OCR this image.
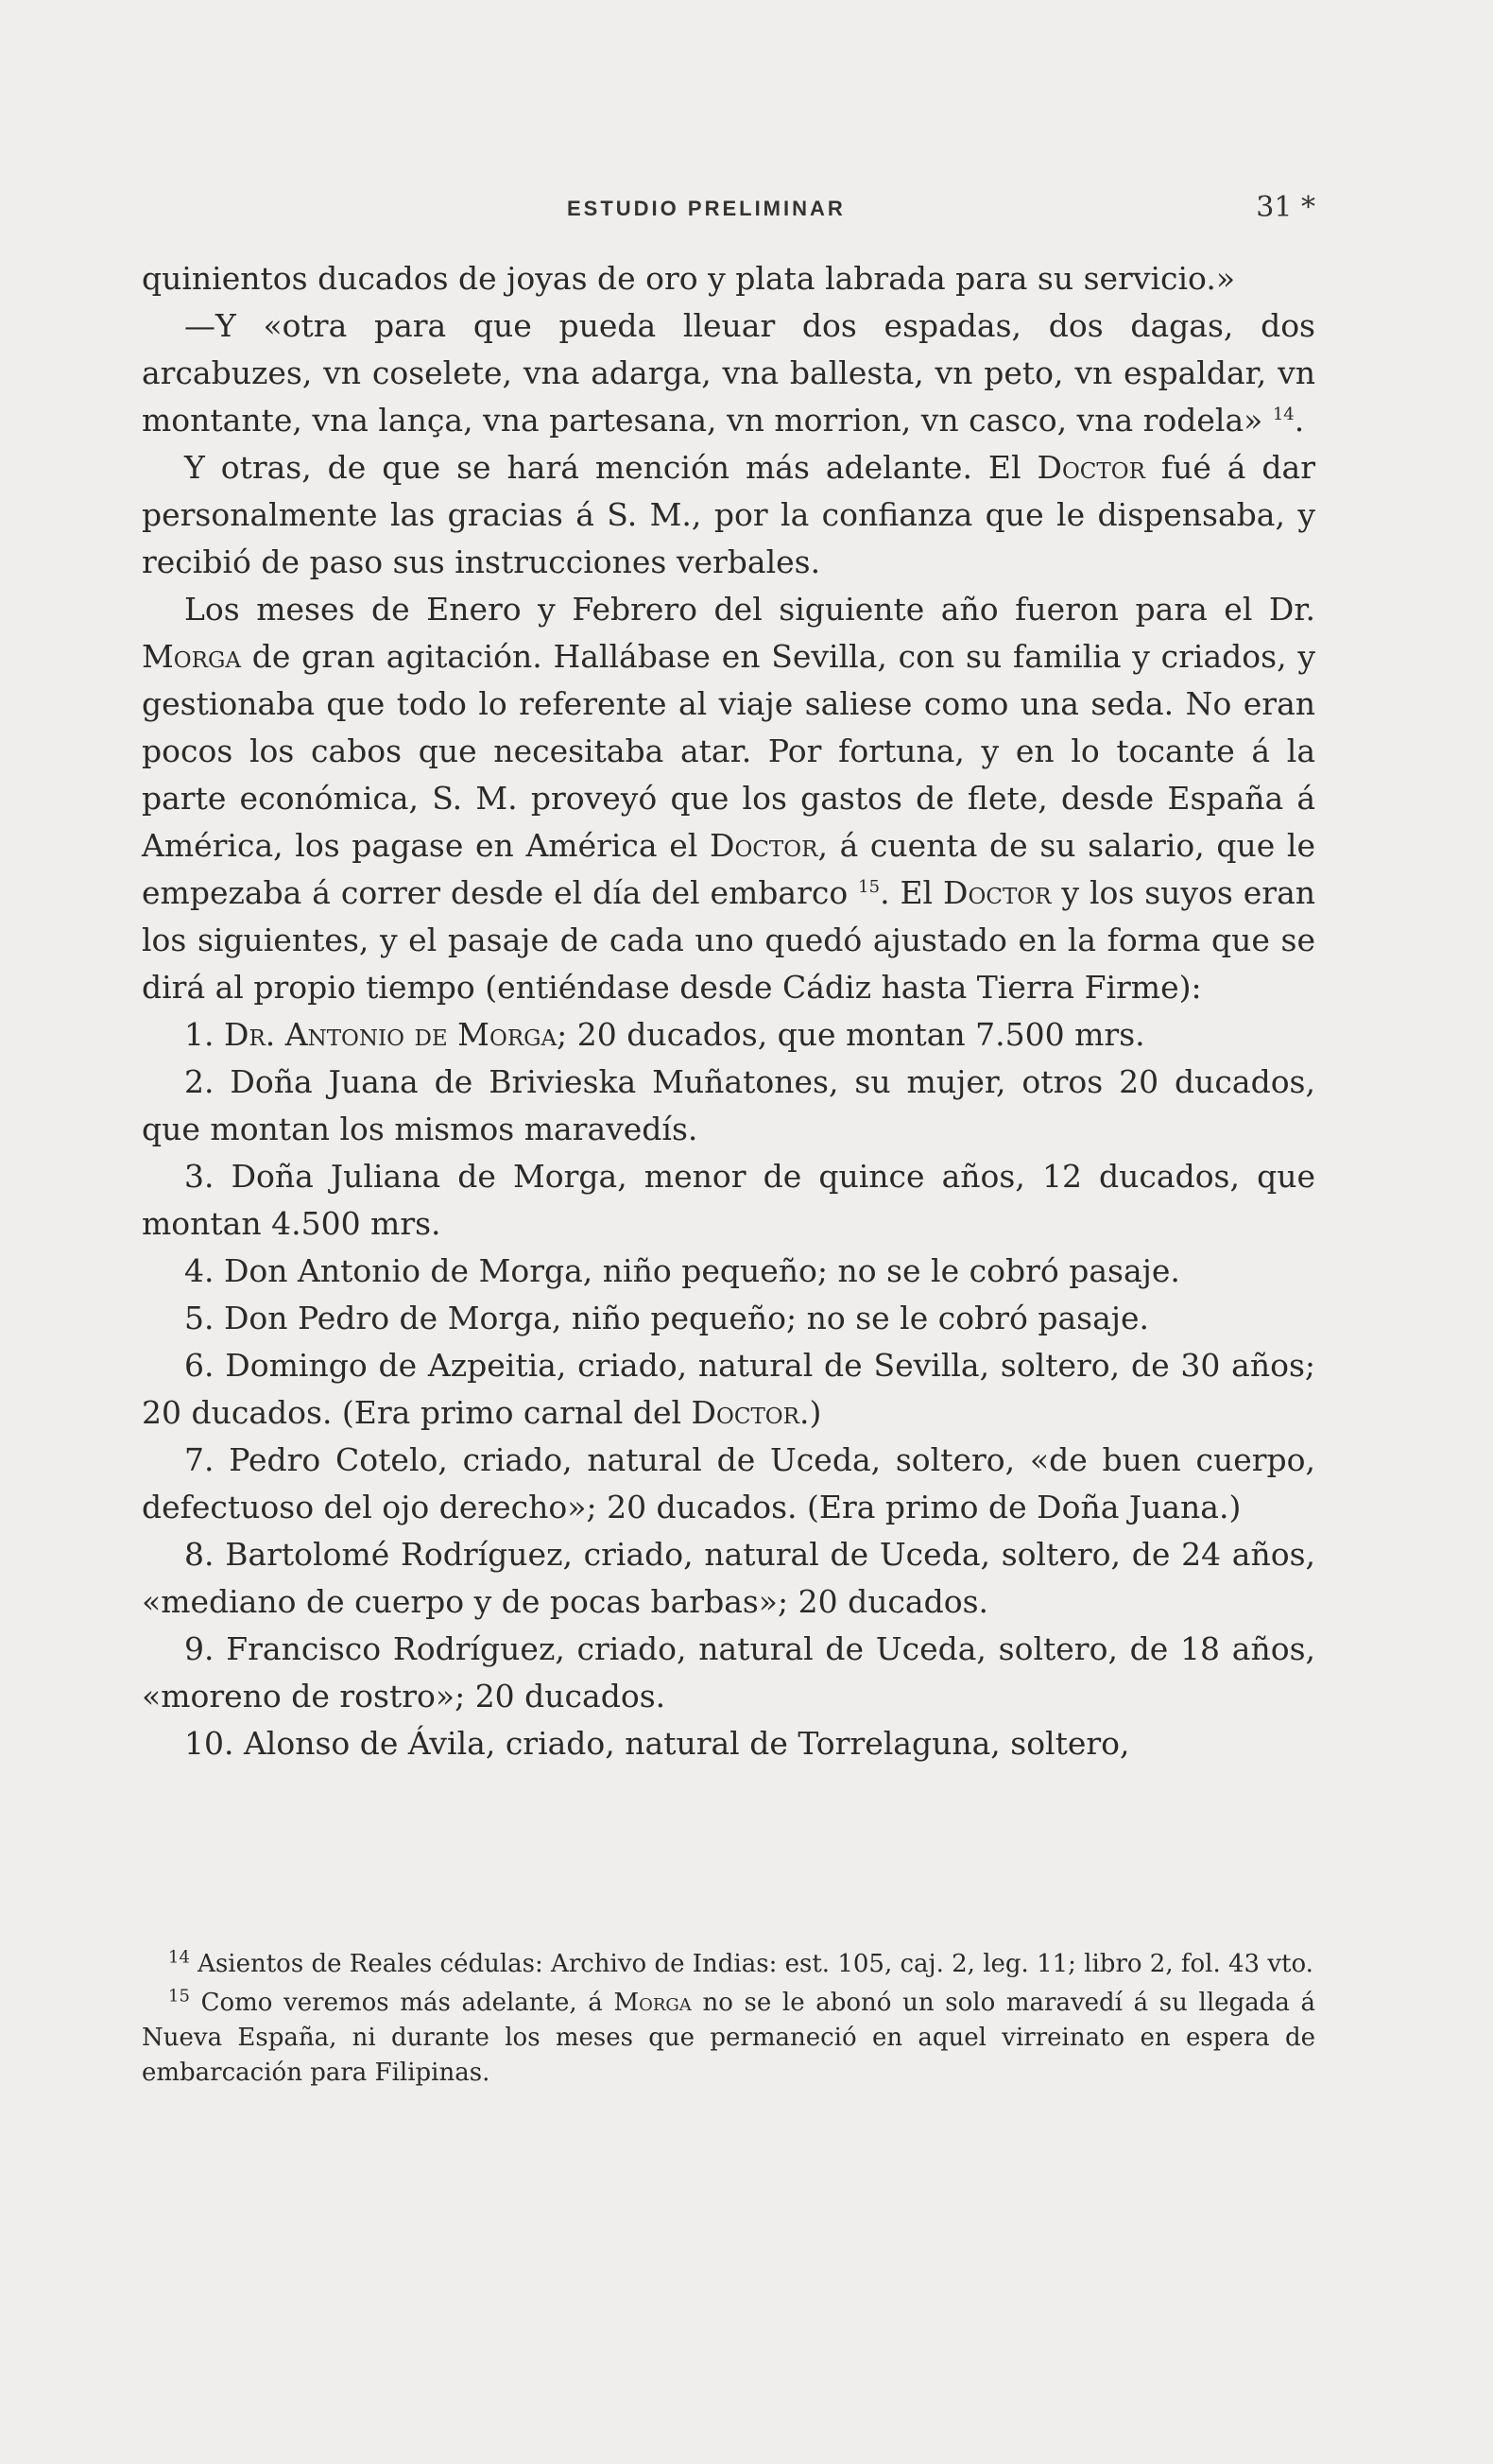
ESTUDIO PRELIMINAR	31 *

quinientos ducados de joyas de oro y plata labrada para su servicio.»

—Y «otra para que pueda lleuar dos espadas, dos dagas, dos arcabuzes, vn coselete, vna adarga, vna ballesta, vn peto, vn espaldar, vn montante, vna lança, vna partesana, vn morrion, vn casco, vna rodela» $^{14}$.

Y otras, de que se hará mención más adelante. El Doctor fué á dar personalmente las gracias á S. M., por la confianza que le dispensaba, y recibió de paso sus instrucciones verbales.

Los meses de Enero y Febrero del siguiente año fueron para el Dr. Morga de gran agitación. Hallábase en Sevilla, con su familia y criados, y gestionaba que todo lo referente al viaje saliese como una seda. No eran pocos los cabos que necesitaba atar. Por fortuna, y en lo tocante á la parte económica, S. M. proveyó que los gastos de flete, desde España á América, los pagase en América el Doctor, á cuenta de su salario, que le empezaba á correr desde el día del embarco $^{15}$. El Doctor y los suyos eran los siguientes, y el pasaje de cada uno quedó ajustado en la forma que se dirá al propio tiempo (entiéndase desde Cádiz hasta Tierra Firme):

1. Dr. Antonio de Morga; 20 ducados, que montan 7.500 mrs.

2. Doña Juana de Brivieska Muñatones, su mujer, otros 20 ducados, que montan los mismos maravedís.

3. Doña Juliana de Morga, menor de quince años, 12 ducados, que montan 4.500 mrs.

4. Don Antonio de Morga, niño pequeño; no se le cobró pasaje.

5. Don Pedro de Morga, niño pequeño; no se le cobró pasaje.

6. Domingo de Azpeitia, criado, natural de Sevilla, soltero, de 30 años; 20 ducados. (Era primo carnal del Doctor.)

7. Pedro Cotelo, criado, natural de Uceda, soltero, «de buen cuerpo, defectuoso del ojo derecho»; 20 ducados. (Era primo de Doña Juana.)

8. Bartolomé Rodríguez, criado, natural de Uceda, soltero, de 24 años, «mediano de cuerpo y de pocas barbas»; 20 ducados.

9. Francisco Rodríguez, criado, natural de Uceda, soltero, de 18 años, «moreno de rostro»; 20 ducados.

10. Alonso de Ávila, criado, natural de Torrelaguna, soltero,

$^{14}$ Asientos de Reales cédulas: Archivo de Indias: est. 105, caj. 2, leg. 11; libro 2, fol. 43 vto.

$^{15}$ Como veremos más adelante, á Morga no se le abonó un solo maravedí á su llegada á Nueva España, ni durante los meses que permaneció en aquel virreinato en espera de embarcación para Filipinas.
